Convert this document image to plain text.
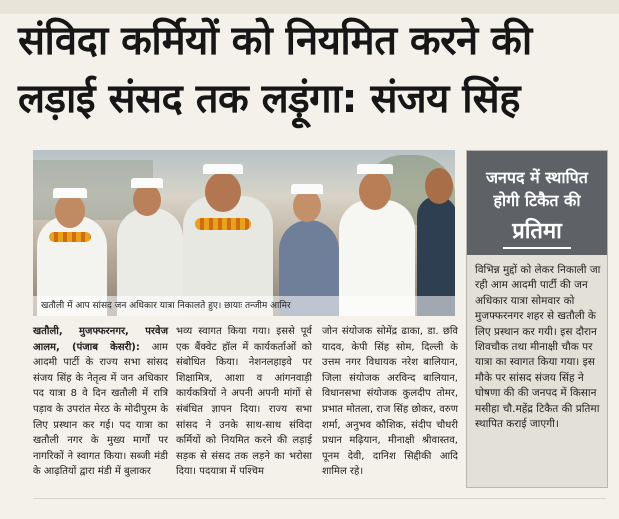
संविदा कर्मियों को नियमित करने की
लड़ाई संसद तक लड़ूंगा: संजय सिंह
खतौली में आप सांसद जन अधिकार यात्रा निकालते हुए। छायाः तन्जीम आमिर
जनपद में स्थापित
होगी टिकैत की
प्रतिमा
विभिन्न मुद्दों को लेकर निकाली जा रही आम आदमी पार्टी की जन अधिकार यात्रा सोमवार को मुजफ्फरनगर शहर से खतौली के लिए प्रस्थान कर गयी। इस दौरान शिवचौक तथा मीनाक्षी चौक पर यात्रा का स्वागत किया गया। इस मौके पर सांसद संजय सिंह ने घोषणा की की जनपद में किसान मसीहा चौ.महेंद्र टिकैत की प्रतिमा स्थापित कराई जाएगी।
खतौली, मुजफ्फरनगर, परवेज आलम, (पंजाब केसरी): आम आदमी पार्टी के राज्य सभा सांसद संजय सिंह के नेतृत्व में जन अधिकार पद यात्रा 8 वे दिन खतौली में रात्रि पड़ाव के उपरांत मेरठ के मोदीपुरम के लिए प्रस्थान कर गई। पद यात्रा का खतौली नगर के मुख्य मार्गों पर नागरिकों ने स्वागत किया। सब्जी मंडी के आढ़तियों द्वारा मंडी में बुलाकर
भव्य स्वागत किया गया। इससे पूर्व एक बैंक्वेट हॉल में कार्यकर्ताओं को संबोधित किया। नेशनलहाइवे पर शिक्षामित्र, आशा व आंगनवाड़ी कार्यकत्रियों ने अपनी अपनी मांगों से संबंधित ज्ञापन दिया। राज्य सभा सांसद ने उनके साथ-साथ संविदा कर्मियों को नियमित करने की लड़ाई सड़क से संसद तक लड़ने का भरोसा दिया। पदयात्रा में पश्चिम
जोन संयोजक सोमेंद्र ढाका, डा. छवि यादव, केपी सिंह सोम, दिल्ली के उत्तम नगर विधायक नरेश बालियान, जिला संयोजक अरविन्द बालियान, विधानसभा संयोजक कुलदीप तोमर, प्रभात मोतला, राज सिंह छोकर, वरुण शर्मा, अनुभव कौशिक, संदीप चौधरी प्रधान मढ़ियान, मीनाक्षी श्रीवास्तव, पूनम देवी, दानिश सिद्दीकी आदि शामिल रहे।
